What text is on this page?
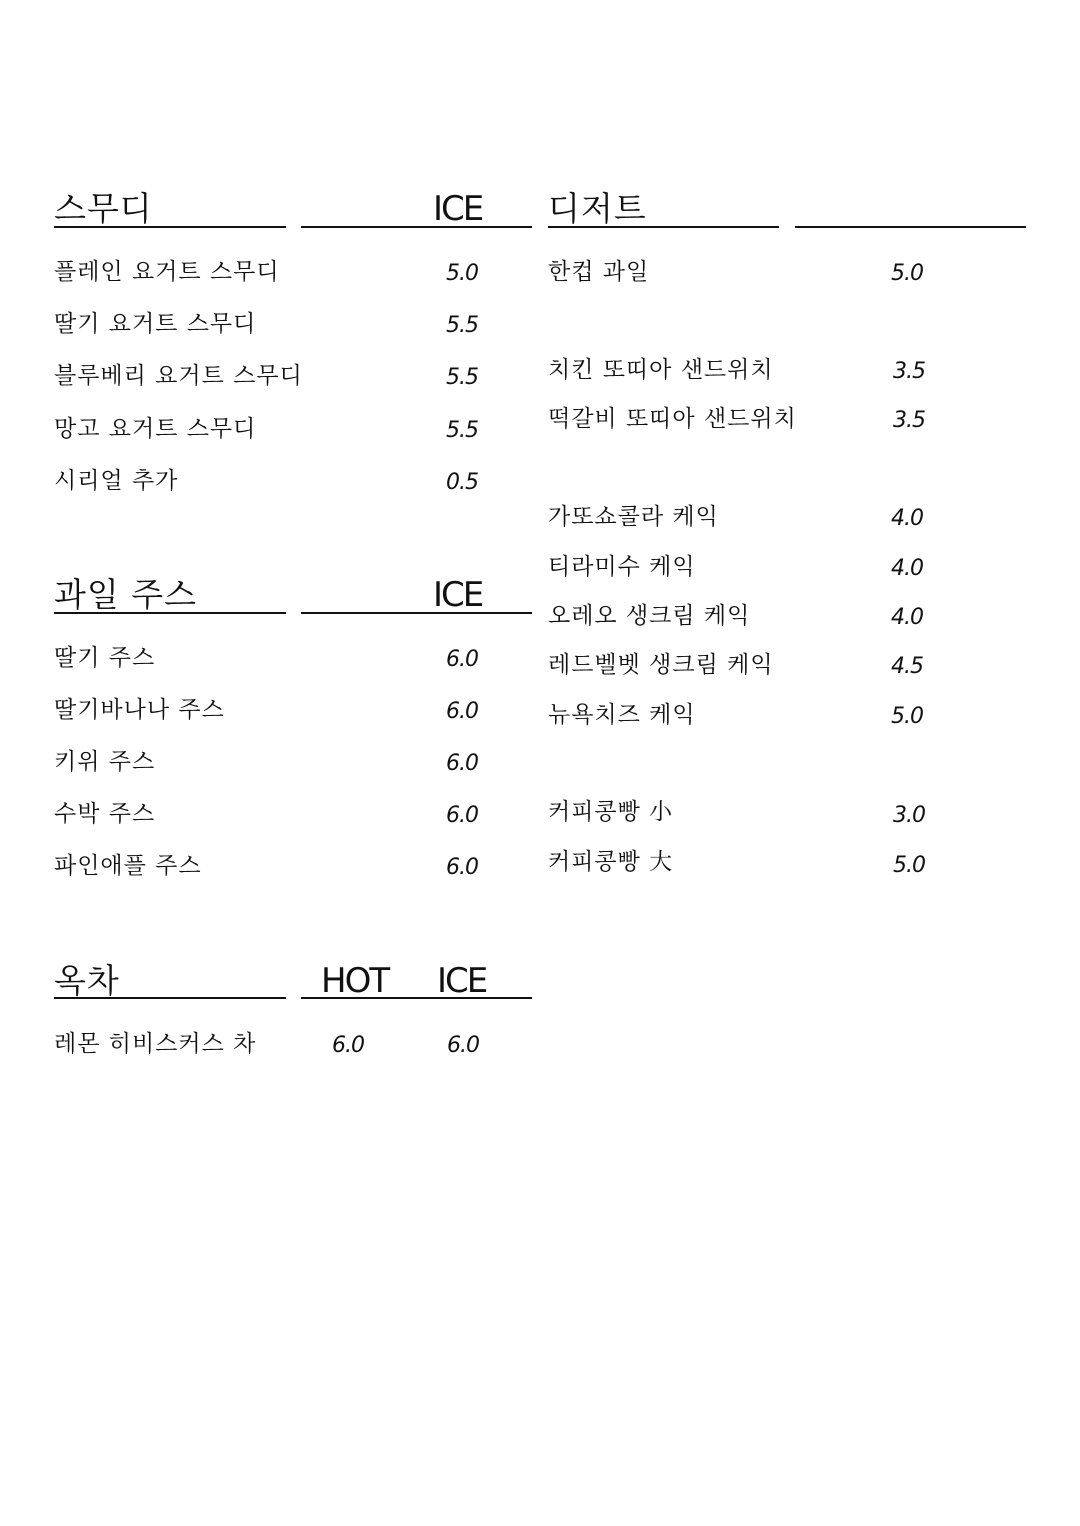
스무디	ICE
플레인 요거트 스무디	5.0
딸기 요거트 스무디	5.5
블루베리 요거트 스무디	5.5
망고 요거트 스무디	5.5
시리얼 추가	0.5
과일 주스	ICE
딸기 주스	6.0
딸기바나나 주스	6.0
키위 주스	6.0
수박 주스	6.0
파인애플 주스	6.0
옥차	HOT ICE
레몬 히비스커스 차	6.0	6.0
디저트
한컵 과일	5.0
치킨 또띠아 샌드위치	3.5
떡갈비 또띠아 샌드위치	3.5
가또쇼콜라 케익	4.0
티라미수 케익	4.0
오레오 생크림 케익	4.0
레드벨벳 생크림 케익	4.5
뉴욕치즈 케익	5.0
커피콩빵 小	3.0
커피콩빵 大	5.0
